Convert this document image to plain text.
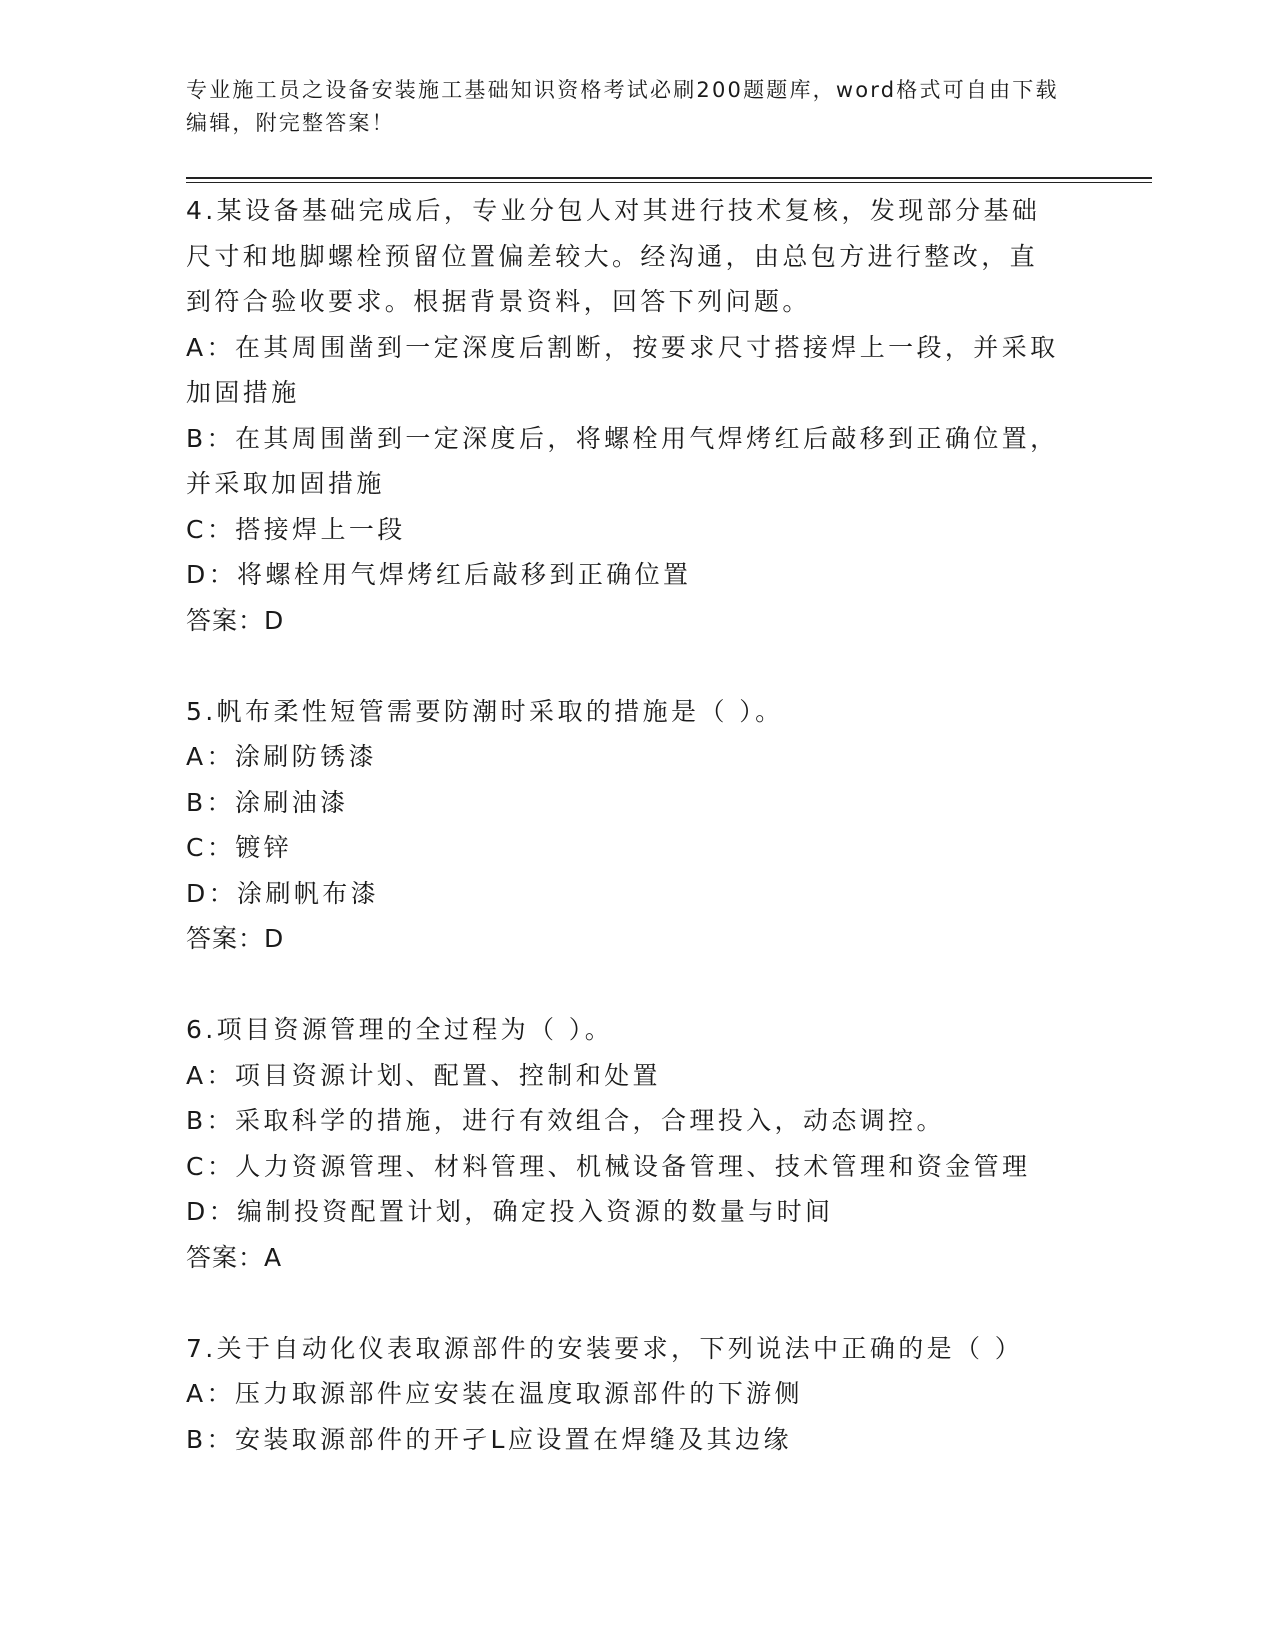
专业施工员之设备安装施工基础知识资格考试必刷200题题库，word格式可自由下载编辑，附完整答案！
4.某设备基础完成后，专业分包人对其进行技术复核，发现部分基础尺寸和地脚螺栓预留位置偏差较大。经沟通，由总包方进行整改，直到符合验收要求。根据背景资料，回答下列问题。
A：在其周围凿到一定深度后割断，按要求尺寸搭接焊上一段，并采取加固措施
B：在其周围凿到一定深度后，将螺栓用气焊烤红后敲移到正确位置，并采取加固措施
C：搭接焊上一段
D：将螺栓用气焊烤红后敲移到正确位置
答案：D
5.帆布柔性短管需要防潮时采取的措施是（ ）。
A：涂刷防锈漆
B：涂刷油漆
C：镀锌
D：涂刷帆布漆
答案：D
6.项目资源管理的全过程为（ ）。
A：项目资源计划、配置、控制和处置
B：采取科学的措施，进行有效组合，合理投入，动态调控。
C：人力资源管理、材料管理、机械设备管理、技术管理和资金管理
D：编制投资配置计划，确定投入资源的数量与时间
答案：A
7.关于自动化仪表取源部件的安装要求，下列说法中正确的是（ ）
A：压力取源部件应安装在温度取源部件的下游侧
B：安装取源部件的开孑L应设置在焊缝及其边缘
